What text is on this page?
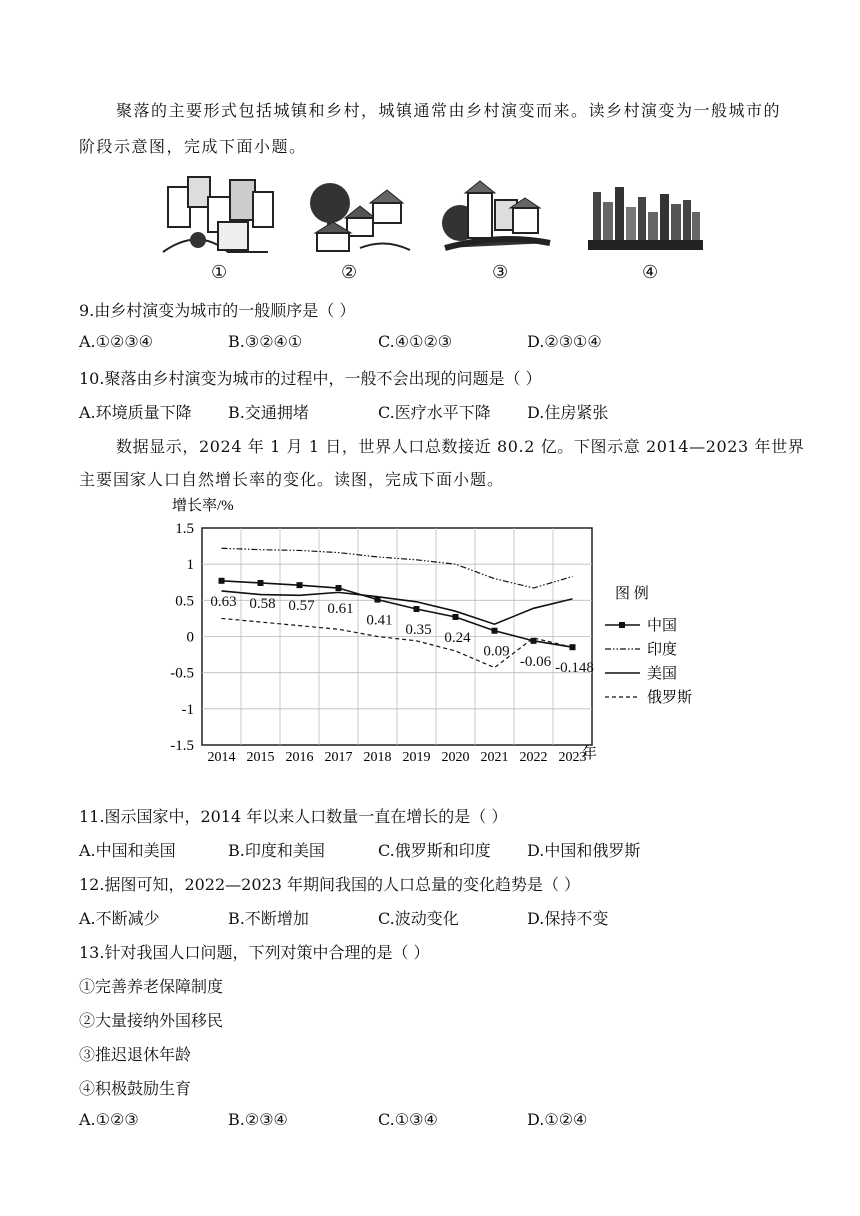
聚落的主要形式包括城镇和乡村，城镇通常由乡村演变而来。读乡村演变为一般城市的
阶段示意图，完成下面小题。
①	②	③	④
9.由乡村演变为城市的一般顺序是（ ）
A.①②③④	B.③②④①	C.④①②③	D.②③①④
10.聚落由乡村演变为城市的过程中，一般不会出现的问题是（ ）
A.环境质量下降 B.交通拥堵	C.医疗水平下降 D.住房紧张
数据显示，2024 年 1 月 1 日，世界人口总数接近 80.2 亿。下图示意 2014—2023 年世界
主要国家人口自然增长率的变化。读图，完成下面小题。
增长率/%
1.5
1
0.5
0
-0.5
-1
-1.5
2014 2015 2016 2017 2018 2019 2020 2021 2022 2023
年
0.63 0.58 0.57 0.61
0.41
0.35 0.24
0.09
-0.06 -0.148
图 例
中国
印度
美国
俄罗斯
11.图示国家中，2014 年以来人口数量一直在增长的是（ ）
A.中国和美国	B.印度和美国	C.俄罗斯和印度 D.中国和俄罗斯
12.据图可知，2022—2023 年期间我国的人口总量的变化趋势是（ ）
A.不断减少	B.不断增加	C.波动变化	D.保持不变
13.针对我国人口问题，下列对策中合理的是（ ）
①完善养老保障制度
②大量接纳外国移民
③推迟退休年龄
④积极鼓励生育
A.①②③	B.②③④	C.①③④	D.①②④
